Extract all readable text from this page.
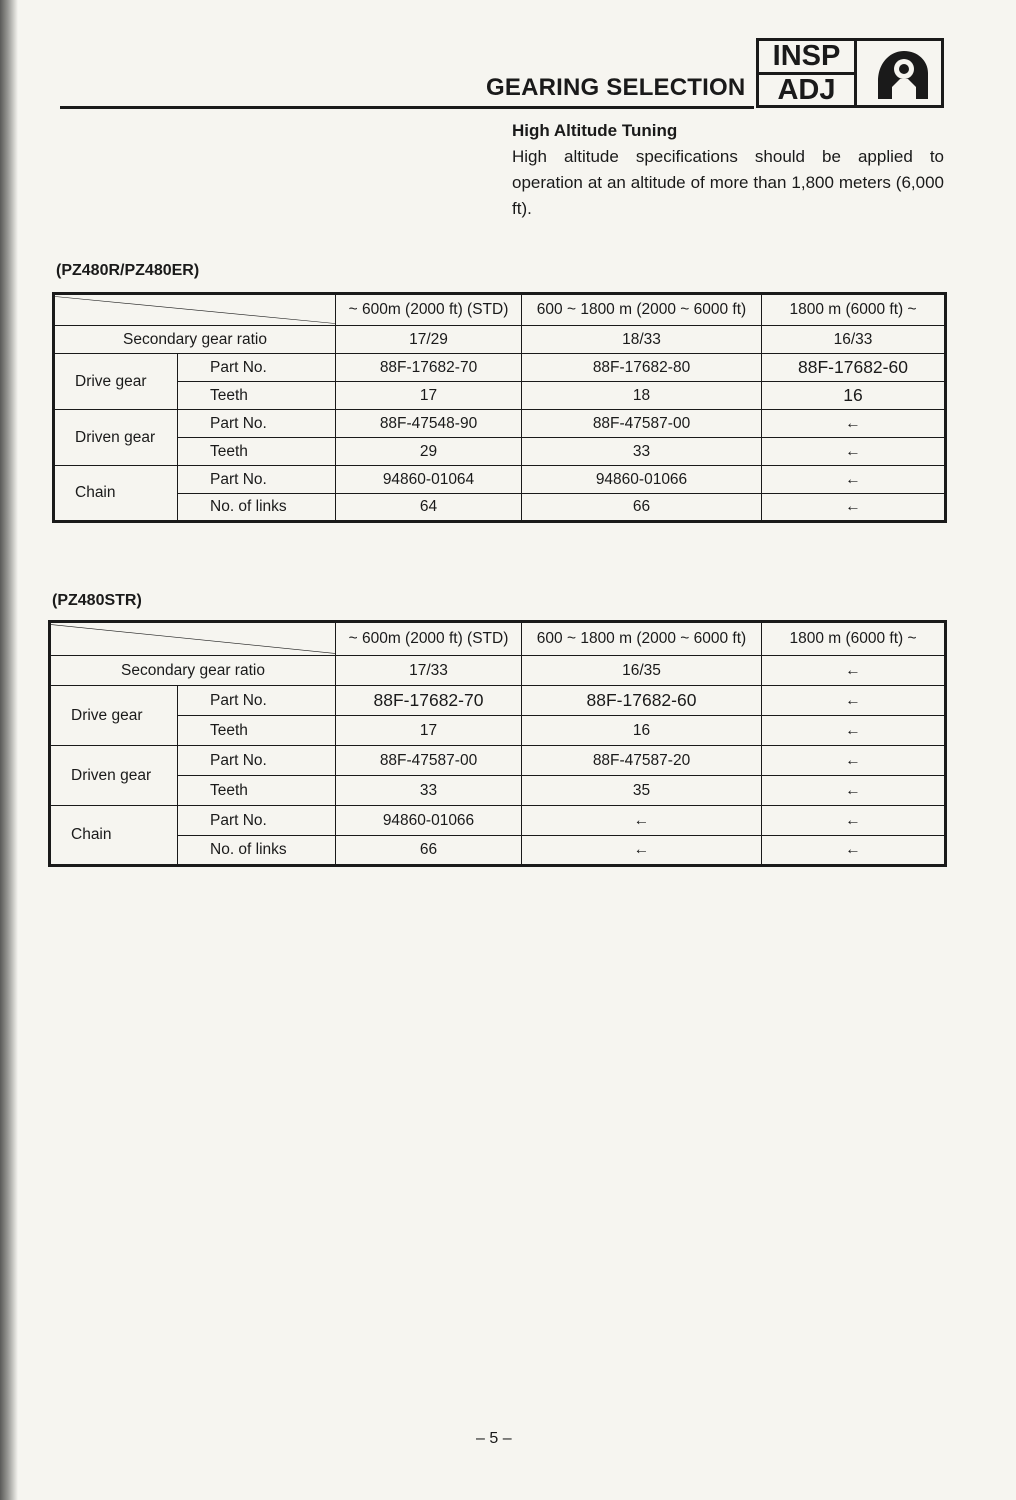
GEARING SELECTION
INSP
ADJ
High Altitude Tuning
High altitude specifications should be applied to operation at an altitude of more than 1,800 meters (6,000 ft).
(PZ480R/PZ480ER)
	~ 600m (2000 ft) (STD)	600 ~ 1800 m (2000 ~ 6000 ft)	1800 m (6000 ft) ~
Secondary gear ratio		17/29	18/33	16/33
Drive gear	Part No.	88F-17682-70	88F-17682-80	88F-17682-60
	Teeth	17	18	16
Driven gear	Part No.	88F-47548-90	88F-47587-00	←
	Teeth	29	33	←
Chain	Part No.	94860-01064	94860-01066	←
	No. of links	64	66	←
(PZ480STR)
	~ 600m (2000 ft) (STD)	600 ~ 1800 m (2000 ~ 6000 ft)	1800 m (6000 ft) ~
Secondary gear ratio		17/33	16/35	←
Drive gear	Part No.	88F-17682-70	88F-17682-60	←
	Teeth	17	16	←
Driven gear	Part No.	88F-47587-00	88F-47587-20	←
	Teeth	33	35	←
Chain	Part No.	94860-01066	←	←
	No. of links	66	←	←
– 5 –
